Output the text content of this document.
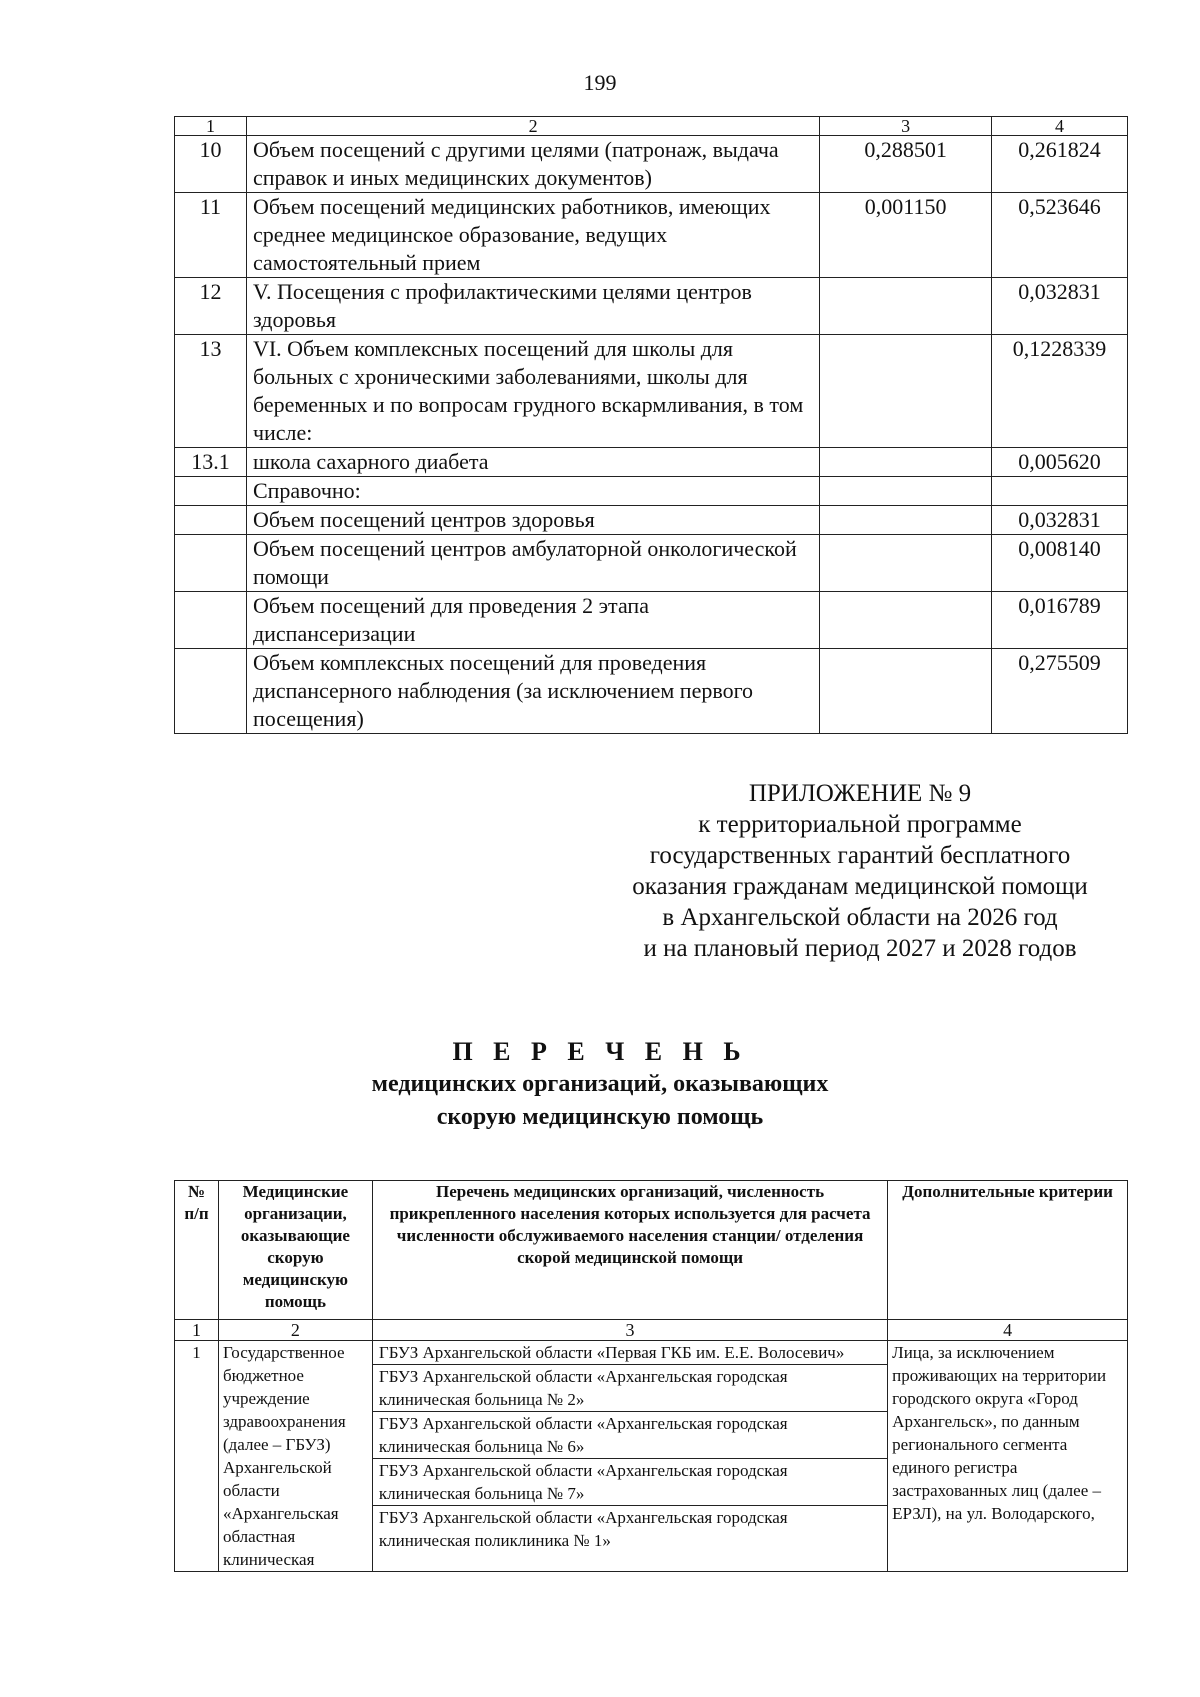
199
1	2	3	4
10	Объем посещений с другими целями (патронаж, выдача справок и иных медицинских документов)	0,288501	0,261824
11	Объем посещений медицинских работников, имеющих среднее медицинское образование, ведущих самостоятельный прием	0,001150	0,523646
12	V. Посещения с профилактическими целями центров здоровья		0,032831
13	VI. Объем комплексных посещений для школы для больных с хроническими заболеваниями, школы для беременных и по вопросам грудного вскармливания, в том числе:		0,1228339
13.1	школа сахарного диабета		0,005620
	Справочно:		
	Объем посещений центров здоровья		0,032831
	Объем посещений центров амбулаторной онкологической помощи		0,008140
	Объем посещений для проведения 2 этапа диспансеризации		0,016789
	Объем комплексных посещений для проведения диспансерного наблюдения (за исключением первого посещения)		0,275509
ПРИЛОЖЕНИЕ № 9
к территориальной программе
государственных гарантий бесплатного
оказания гражданам медицинской помощи
в Архангельской области на 2026 год
и на плановый период 2027 и 2028 годов
П Е Р Е Ч Е Н Ь
медицинских организаций, оказывающих
скорую медицинскую помощь
№ п/п	Медицинские организации, оказывающие скорую медицинскую помощь	Перечень медицинских организаций, численность прикрепленного населения которых используется для расчета численности обслуживаемого населения станции/ отделения скорой медицинской помощи	Дополнительные критерии
1	2	3	4
1	Государственное бюджетное учреждение здравоохранения (далее – ГБУЗ) Архангельской области «Архангельская областная клиническая	ГБУЗ Архангельской области «Первая ГКБ им. Е.Е. Волосевич»
ГБУЗ Архангельской области «Архангельская городская клиническая больница № 2»
ГБУЗ Архангельской области «Архангельская городская клиническая больница № 6»
ГБУЗ Архангельской области «Архангельская городская клиническая больница № 7»
ГБУЗ Архангельской области «Архангельская городская клиническая поликлиника № 1»	Лица, за исключением проживающих на территории городского округа «Город Архангельск», по данным регионального сегмента единого регистра застрахованных лиц (далее – ЕРЗЛ), на ул. Володарского,
